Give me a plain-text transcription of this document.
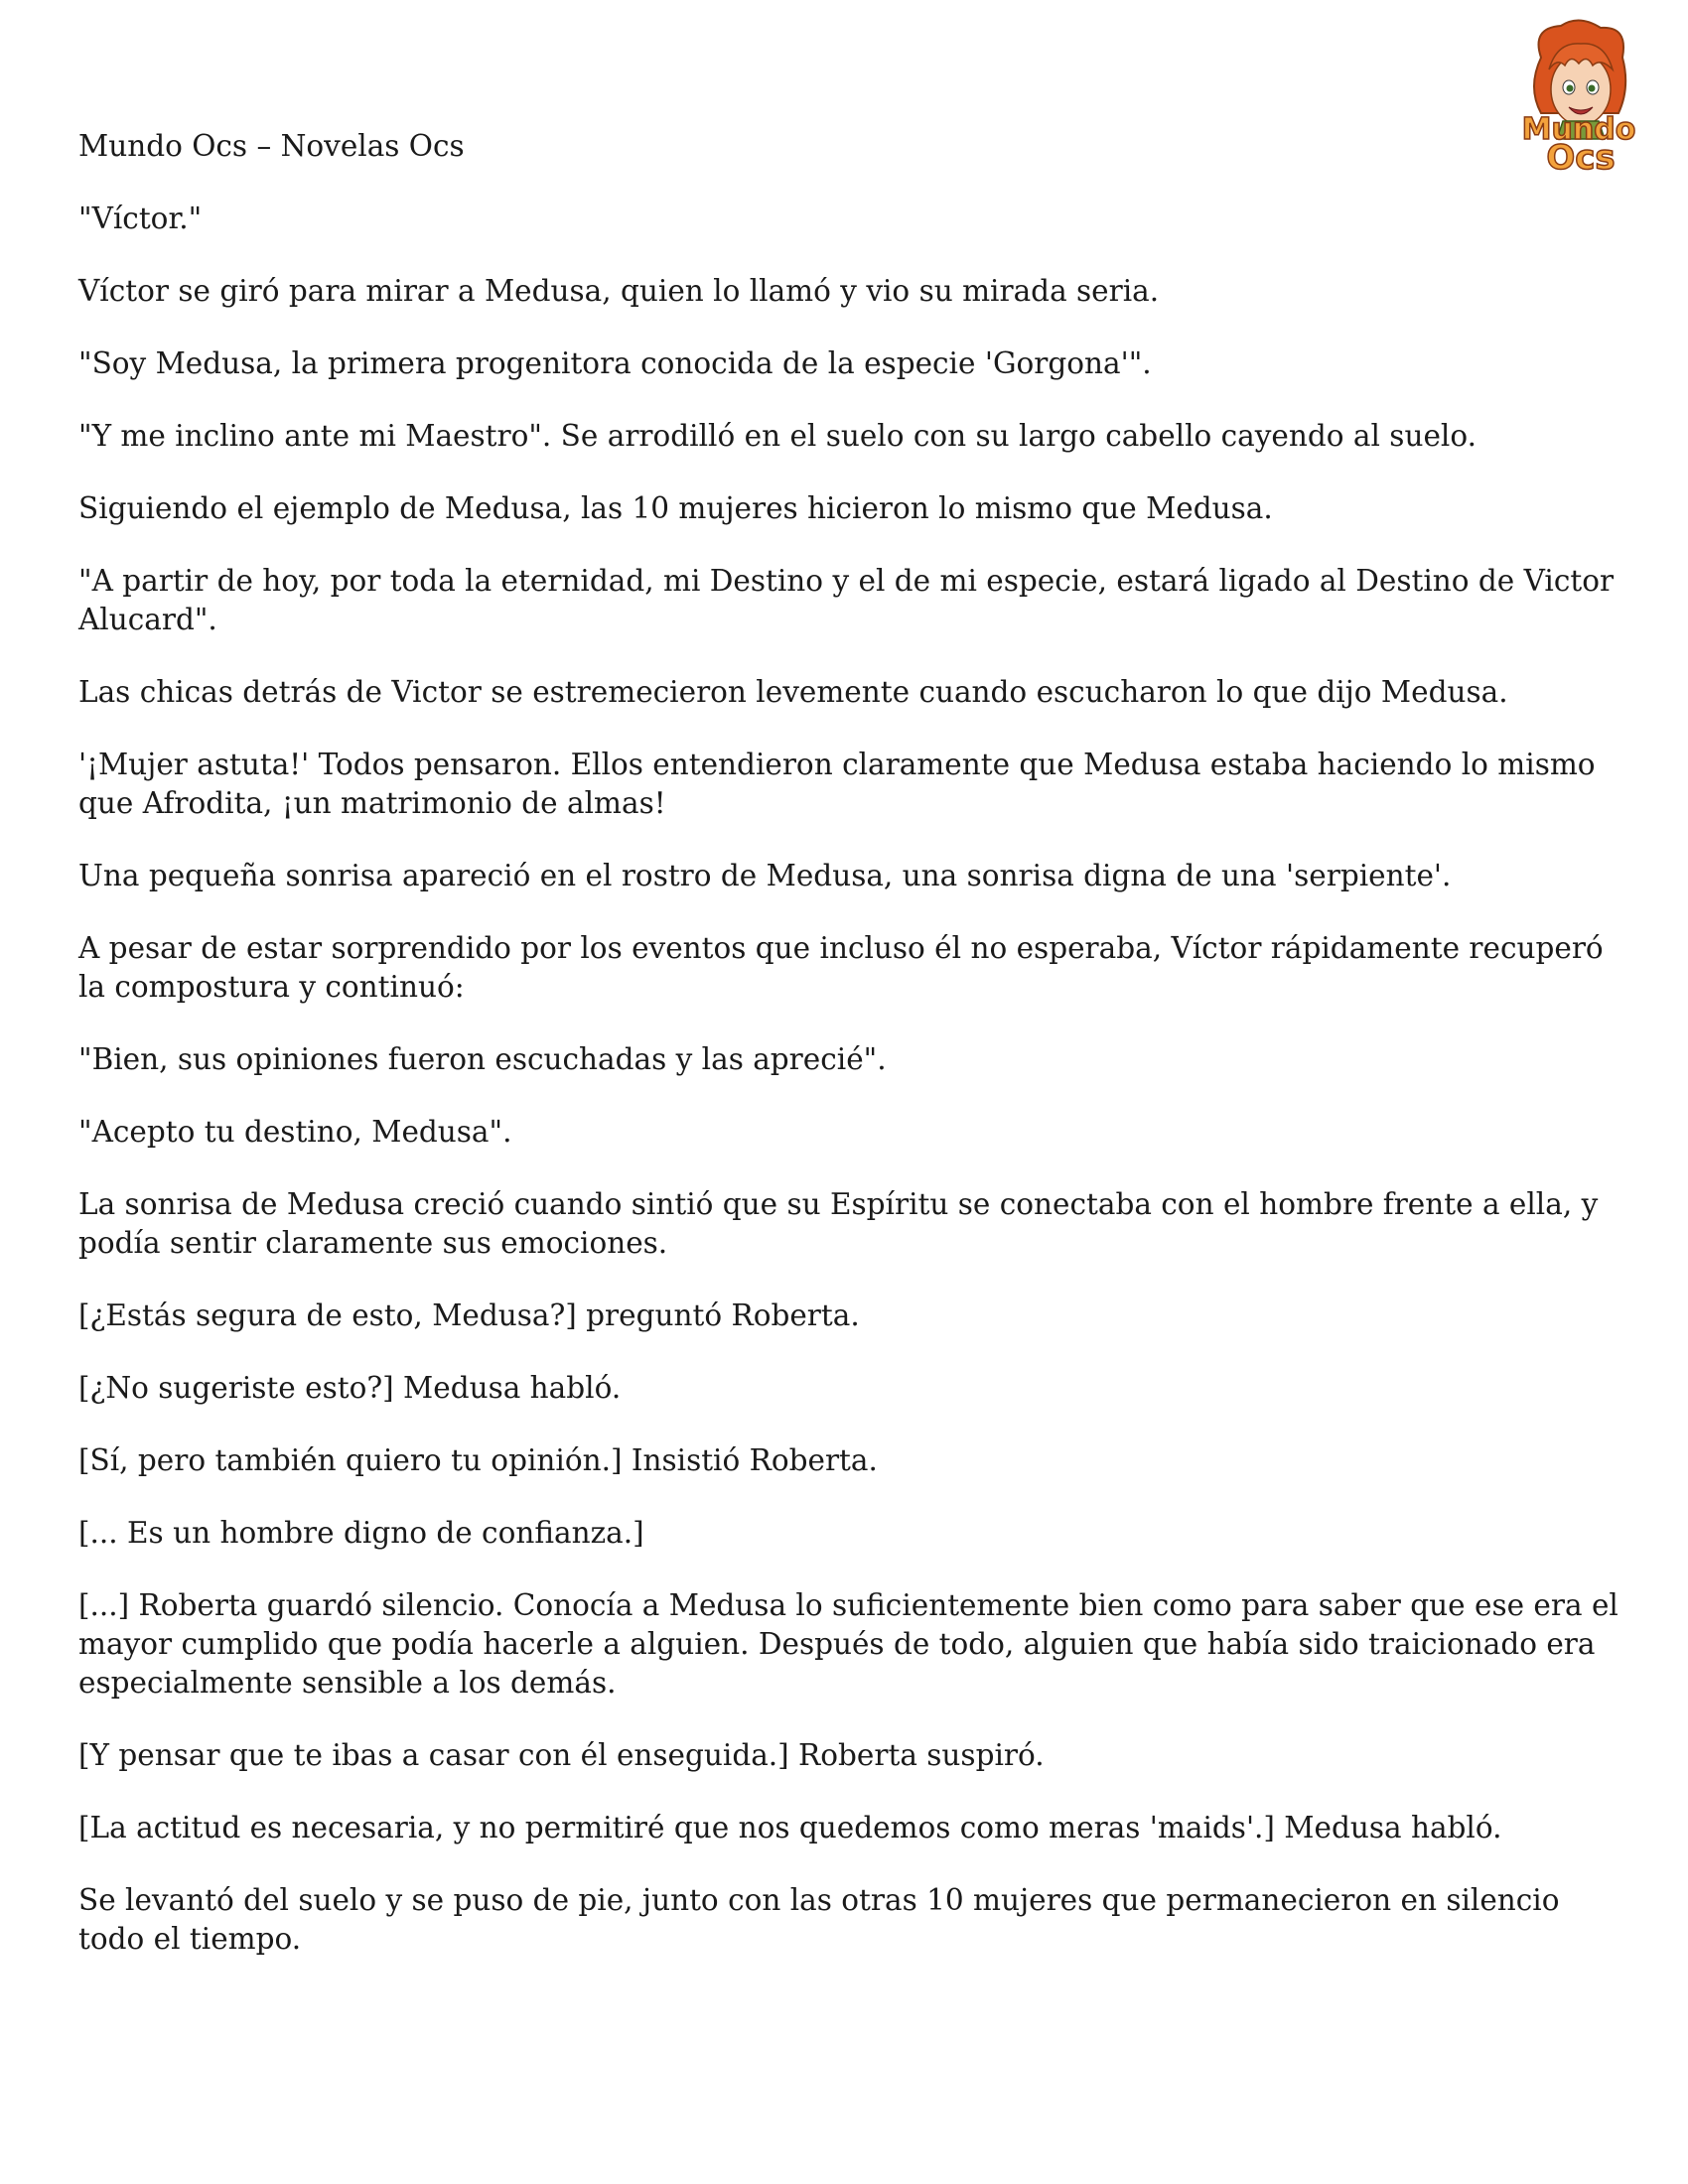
Mundo
Ocs

Mundo Ocs – Novelas Ocs

"Víctor."

Víctor se giró para mirar a Medusa, quien lo llamó y vio su mirada seria.

"Soy Medusa, la primera progenitora conocida de la especie 'Gorgona'".

"Y me inclino ante mi Maestro". Se arrodilló en el suelo con su largo cabello cayendo al suelo.

Siguiendo el ejemplo de Medusa, las 10 mujeres hicieron lo mismo que Medusa.

"A partir de hoy, por toda la eternidad, mi Destino y el de mi especie, estará ligado al Destino de Victor Alucard".

Las chicas detrás de Victor se estremecieron levemente cuando escucharon lo que dijo Medusa.

'¡Mujer astuta!' Todos pensaron. Ellos entendieron claramente que Medusa estaba haciendo lo mismo que Afrodita, ¡un matrimonio de almas!

Una pequeña sonrisa apareció en el rostro de Medusa, una sonrisa digna de una 'serpiente'.

A pesar de estar sorprendido por los eventos que incluso él no esperaba, Víctor rápidamente recuperó la compostura y continuó:

"Bien, sus opiniones fueron escuchadas y las aprecié".

"Acepto tu destino, Medusa".

La sonrisa de Medusa creció cuando sintió que su Espíritu se conectaba con el hombre frente a ella, y podía sentir claramente sus emociones.

[¿Estás segura de esto, Medusa?] preguntó Roberta.

[¿No sugeriste esto?] Medusa habló.

[Sí, pero también quiero tu opinión.] Insistió Roberta.

[... Es un hombre digno de confianza.]

[...] Roberta guardó silencio. Conocía a Medusa lo suficientemente bien como para saber que ese era el mayor cumplido que podía hacerle a alguien. Después de todo, alguien que había sido traicionado era especialmente sensible a los demás.

[Y pensar que te ibas a casar con él enseguida.] Roberta suspiró.

[La actitud es necesaria, y no permitiré que nos quedemos como meras 'maids'.] Medusa habló.

Se levantó del suelo y se puso de pie, junto con las otras 10 mujeres que permanecieron en silencio todo el tiempo.
